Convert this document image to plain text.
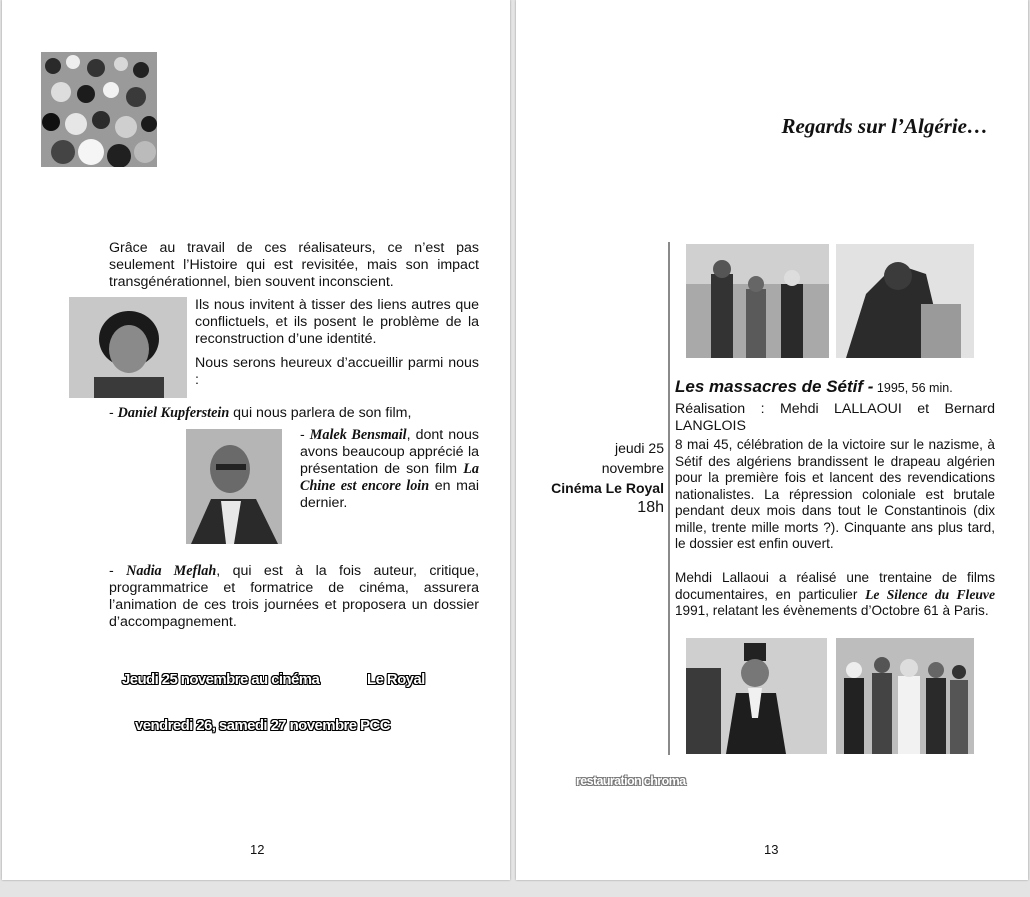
Grâce au travail de ces réalisateurs, ce n’est pas seulement l’Histoire qui est revisitée, mais son impact transgénérationnel, bien souvent inconscient.
Ils nous invitent à tisser des liens autres que conflictuels, et ils posent le problème de la reconstruction d’une identité.
Nous serons heureux d’accueillir parmi nous :
- Daniel Kupferstein qui nous parlera de son film,
- Malek Bensmail, dont nous avons beaucoup apprécié la présentation de son film La Chine est encore loin en mai dernier.
- Nadia Meflah, qui est à la fois auteur, critique, programmatrice et formatrice de cinéma, assurera l’animation de ces trois journées et proposera un dossier d’accompagnement.
Jeudi 25 novembre au cinéma	Le Royal
vendredi 26, samedi 27 novembre PCC
12
Regards sur l’Algérie…
Les massacres de Sétif - 1995, 56 min.
Réalisation : Mehdi LALLAOUI et Bernard LANGLOIS
jeudi 25
novembre
Cinéma Le Royal
18h
8 mai 45, célébration de la victoire sur le nazisme, à Sétif des algériens brandissent le drapeau algérien pour la première fois et lancent des revendications nationalistes. La répression coloniale est brutale pendant deux mois dans tout le Constantinois (dix mille, trente mille morts ?). Cinquante ans plus tard, le dossier est enfin ouvert.
Mehdi Lallaoui a réalisé une trentaine de films documentaires, en particulier Le Silence du Fleuve 1991, relatant les évènements d’Octobre 61 à Paris.
restauration chroma
13
